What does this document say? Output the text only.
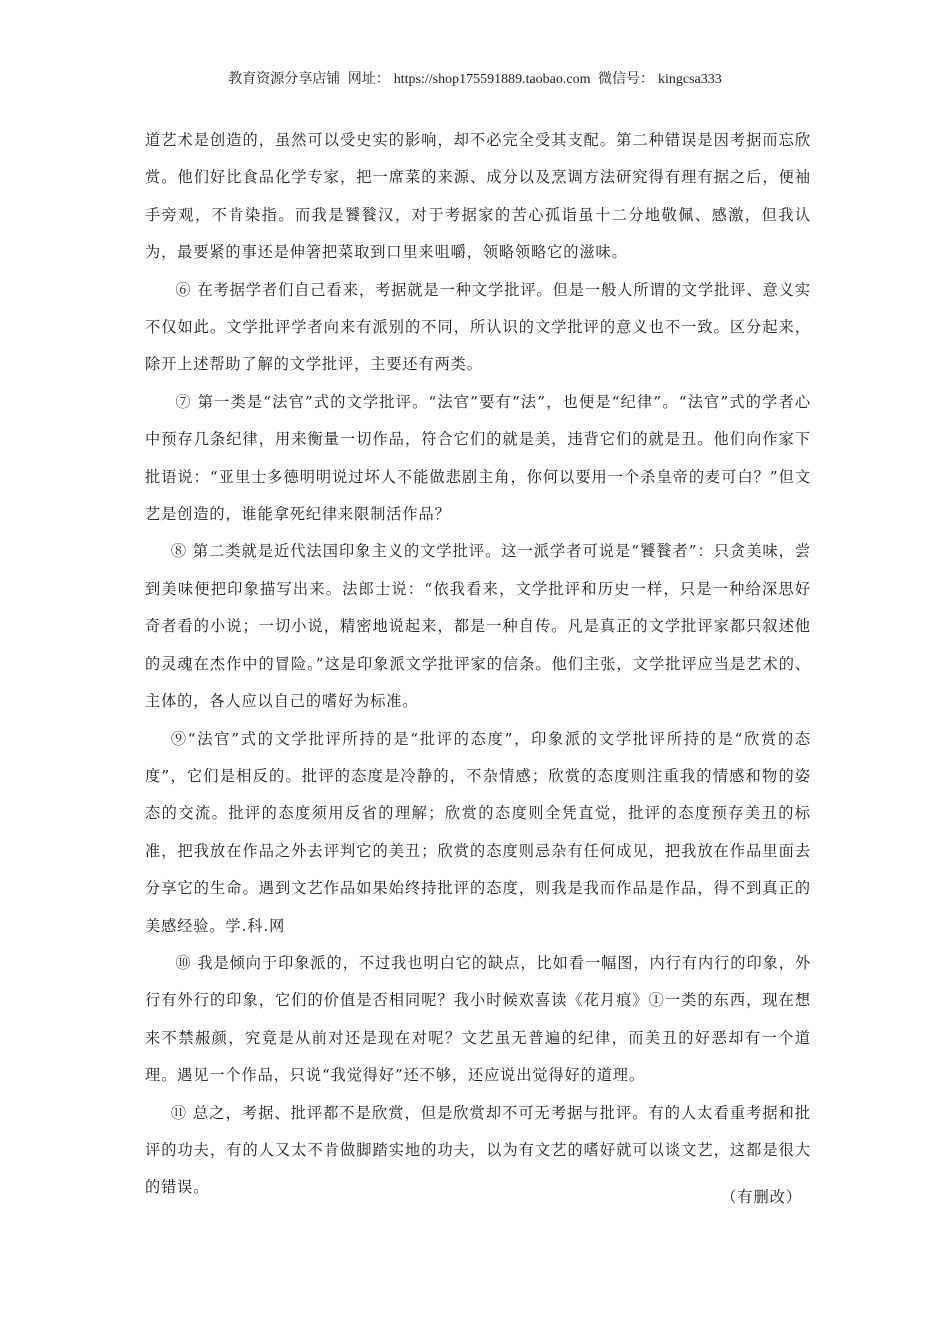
教育资源分享店铺 网址： https://shop175591889.taobao.com 微信号： kingcsa333

道艺术是创造的，虽然可以受史实的影响，却不必完全受其支配。第二种错误是因考据而忘欣赏。他们好比食品化学专家，把一席菜的来源、成分以及烹调方法研究得有理有据之后，便袖手旁观，不肯染指。而我是饕餮汉，对于考据家的苦心孤诣虽十二分地敬佩、感激，但我认为，最要紧的事还是伸箸把菜取到口里来咀嚼，领略领略它的滋味。

⑥ 在考据学者们自己看来，考据就是一种文学批评。但是一般人所谓的文学批评、意义实不仅如此。文学批评学者向来有派别的不同，所认识的文学批评的意义也不一致。区分起来，除开上述帮助了解的文学批评，主要还有两类。

⑦ 第一类是“法官”式的文学批评。“法官”要有“法”，也便是“纪律”。“法官”式的学者心中预存几条纪律，用来衡量一切作品，符合它们的就是美，违背它们的就是丑。他们向作家下批语说：“亚里士多德明明说过坏人不能做悲剧主角，你何以要用一个杀皇帝的麦可白？”但文艺是创造的，谁能拿死纪律来限制活作品？

⑧ 第二类就是近代法国印象主义的文学批评。这一派学者可说是“饕餮者”：只贪美味，尝到美味便把印象描写出来。法郎士说：“依我看来，文学批评和历史一样，只是一种给深思好奇者看的小说；一切小说，精密地说起来，都是一种自传。凡是真正的文学批评家都只叙述他的灵魂在杰作中的冒险。”这是印象派文学批评家的信条。他们主张，文学批评应当是艺术的、主体的，各人应以自己的嗜好为标准。

⑨“法官”式的文学批评所持的是“批评的态度”，印象派的文学批评所持的是“欣赏的态度”，它们是相反的。批评的态度是冷静的，不杂情感；欣赏的态度则注重我的情感和物的姿态的交流。批评的态度须用反省的理解；欣赏的态度则全凭直觉，批评的态度预存美丑的标准，把我放在作品之外去评判它的美丑；欣赏的态度则忌杂有任何成见，把我放在作品里面去分享它的生命。遇到文艺作品如果始终持批评的态度，则我是我而作品是作品，得不到真正的美感经验。学.科.网

⑩ 我是倾向于印象派的，不过我也明白它的缺点，比如看一幅图，内行有内行的印象，外行有外行的印象，它们的价值是否相同呢？我小时候欢喜读《花月痕》①一类的东西，现在想来不禁赧颜，究竟是从前对还是现在对呢？文艺虽无普遍的纪律，而美丑的好恶却有一个道理。遇见一个作品，只说“我觉得好”还不够，还应说出觉得好的道理。

⑪ 总之，考据、批评都不是欣赏，但是欣赏却不可无考据与批评。有的人太看重考据和批评的功夫，有的人又太不肯做脚踏实地的功夫，以为有文艺的嗜好就可以谈文艺，这都是很大的错误。

（有删改）
